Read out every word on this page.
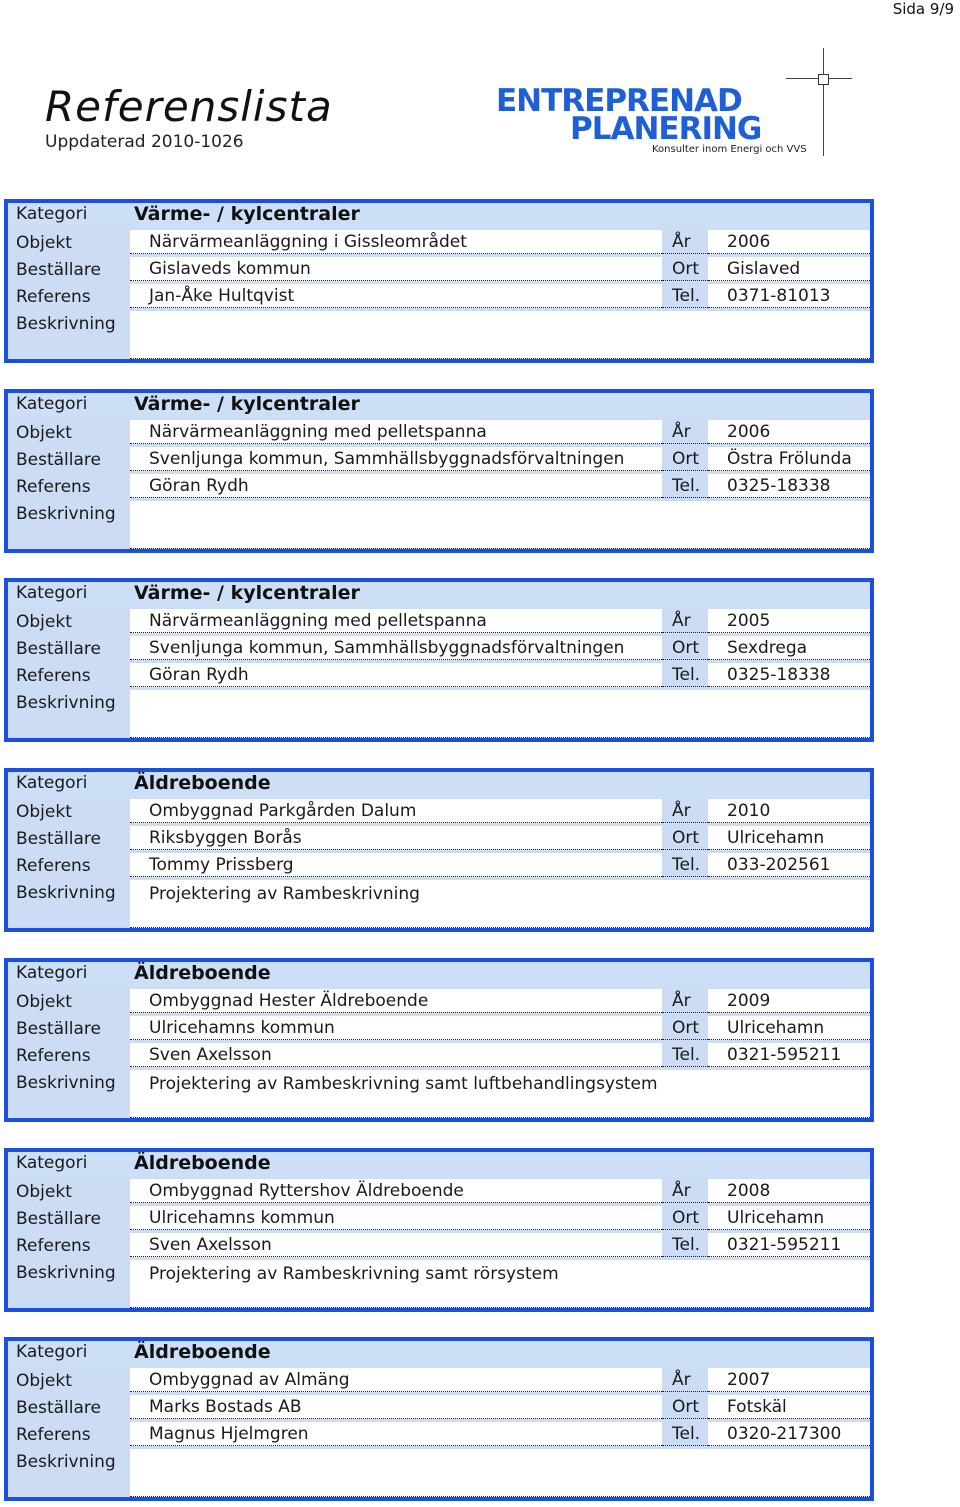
Sida 9/9
Referenslista
Uppdaterad 2010-1026
ENTREPRENAD
PLANERING
Konsulter inom Energi och VVS
Kategori Värme- / kylcentraler
Objekt	Närvärmeanläggning i Gissleområdet	År 2006
Beställare	Gislaveds kommun	Ort Gislaved
Referens	Jan-Åke Hultqvist	Tel. 0371-81013
Beskrivning
Kategori Värme- / kylcentraler
Objekt	Närvärmeanläggning med pelletspanna	År 2006
Beställare	Svenljunga kommun, Sammhällsbyggnadsförvaltningen	Ort Östra Frölunda
Referens	Göran Rydh	Tel. 0325-18338
Beskrivning
Kategori Värme- / kylcentraler
Objekt	Närvärmeanläggning med pelletspanna	År 2005
Beställare	Svenljunga kommun, Sammhällsbyggnadsförvaltningen	Ort Sexdrega
Referens	Göran Rydh	Tel. 0325-18338
Beskrivning
Kategori Äldreboende
Objekt	Ombyggnad Parkgården Dalum	År 2010
Beställare	Riksbyggen Borås	Ort Ulricehamn
Referens	Tommy Prissberg	Tel. 033-202561
Beskrivning Projektering av Rambeskrivning
Kategori Äldreboende
Objekt	Ombyggnad Hester Äldreboende	År 2009
Beställare	Ulricehamns kommun	Ort Ulricehamn
Referens	Sven Axelsson	Tel. 0321-595211
Beskrivning Projektering av Rambeskrivning samt luftbehandlingsystem
Kategori Äldreboende
Objekt	Ombyggnad Ryttershov Äldreboende	År 2008
Beställare	Ulricehamns kommun	Ort Ulricehamn
Referens	Sven Axelsson	Tel. 0321-595211
Beskrivning Projektering av Rambeskrivning samt rörsystem
Kategori Äldreboende
Objekt	Ombyggnad av Almäng	År 2007
Beställare	Marks Bostads AB	Ort Fotskäl
Referens	Magnus Hjelmgren	Tel. 0320-217300
Beskrivning
